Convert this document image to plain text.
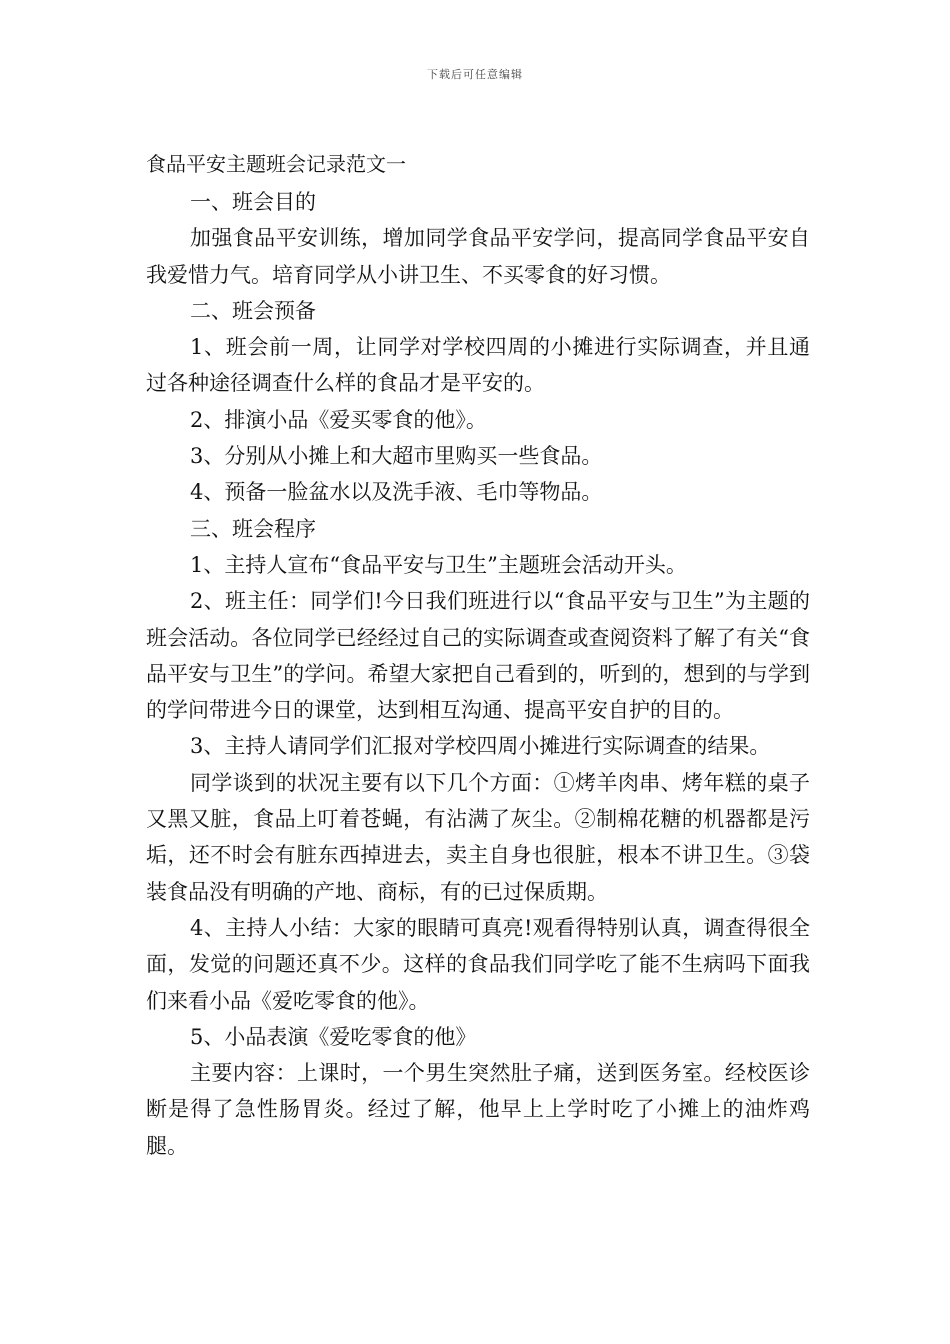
下载后可任意编辑
食品平安主题班会记录范文一

一、班会目的

加强食品平安训练，增加同学食品平安学问，提高同学食品平安自我爱惜力气。培育同学从小讲卫生、不买零食的好习惯。

二、班会预备

1、班会前一周，让同学对学校四周的小摊进行实际调查，并且通过各种途径调查什么样的食品才是平安的。

2、排演小品《爱买零食的他》。

3、分别从小摊上和大超市里购买一些食品。

4、预备一脸盆水以及洗手液、毛巾等物品。

三、班会程序

1、主持人宣布“食品平安与卫生”主题班会活动开头。

2、班主任：同学们!今日我们班进行以“食品平安与卫生”为主题的班会活动。各位同学已经经过自己的实际调查或查阅资料了解了有关“食品平安与卫生”的学问。希望大家把自己看到的，听到的，想到的与学到的学问带进今日的课堂，达到相互沟通、提高平安自护的目的。

3、主持人请同学们汇报对学校四周小摊进行实际调查的结果。

同学谈到的状况主要有以下几个方面：①烤羊肉串、烤年糕的桌子又黑又脏，食品上叮着苍蝇，有沾满了灰尘。②制棉花糖的机器都是污垢，还不时会有脏东西掉进去，卖主自身也很脏，根本不讲卫生。③袋装食品没有明确的产地、商标，有的已过保质期。

4、主持人小结：大家的眼睛可真亮!观看得特别认真，调查得很全面，发觉的问题还真不少。这样的食品我们同学吃了能不生病吗下面我们来看小品《爱吃零食的他》。

5、小品表演《爱吃零食的他》

主要内容：上课时，一个男生突然肚子痛，送到医务室。经校医诊断是得了急性肠胃炎。经过了解，他早上上学时吃了小摊上的油炸鸡腿。
